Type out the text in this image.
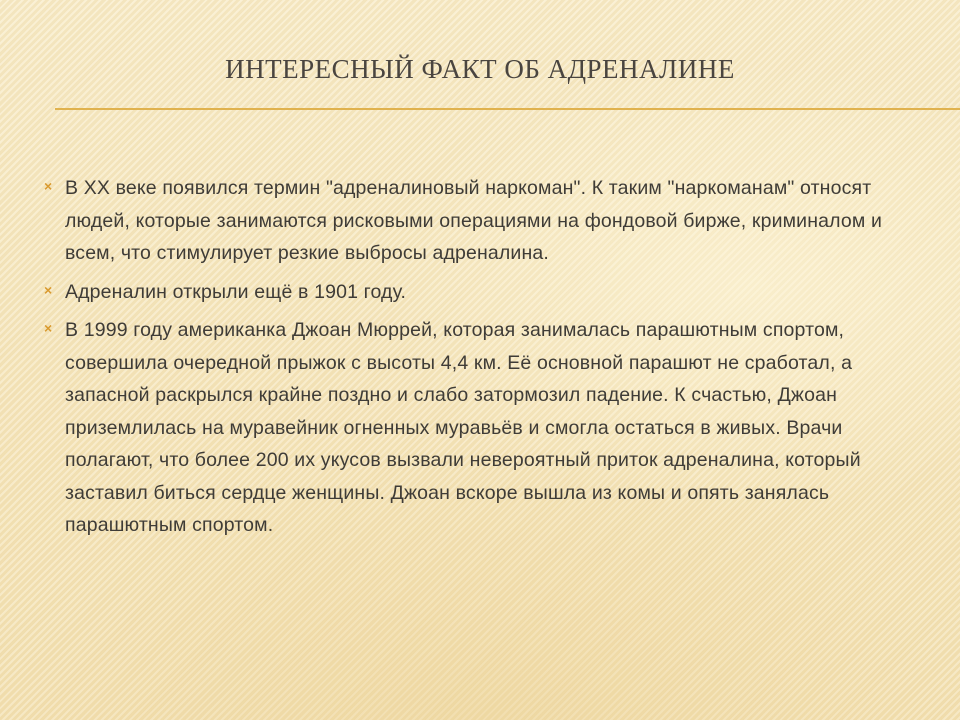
ИНТЕРЕСНЫЙ ФАКТ ОБ АДРЕНАЛИНЕ
× В XX веке появился термин "адреналиновый наркоман". К таким "наркоманам" относят людей, которые занимаются рисковыми операциями на фондовой бирже, криминалом и всем, что стимулирует резкие выбросы адреналина.
× Адреналин открыли ещё в 1901 году.
× В 1999 году американка Джоан Мюррей, которая занималась парашютным спортом, совершила очередной прыжок с высоты 4,4 км. Её основной парашют не сработал, а запасной раскрылся крайне поздно и слабо затормозил падение. К счастью, Джоан приземлилась на муравейник огненных муравьёв и смогла остаться в живых. Врачи полагают, что более 200 их укусов вызвали невероятный приток адреналина, который заставил биться сердце женщины. Джоан вскоре вышла из комы и опять занялась парашютным спортом.
